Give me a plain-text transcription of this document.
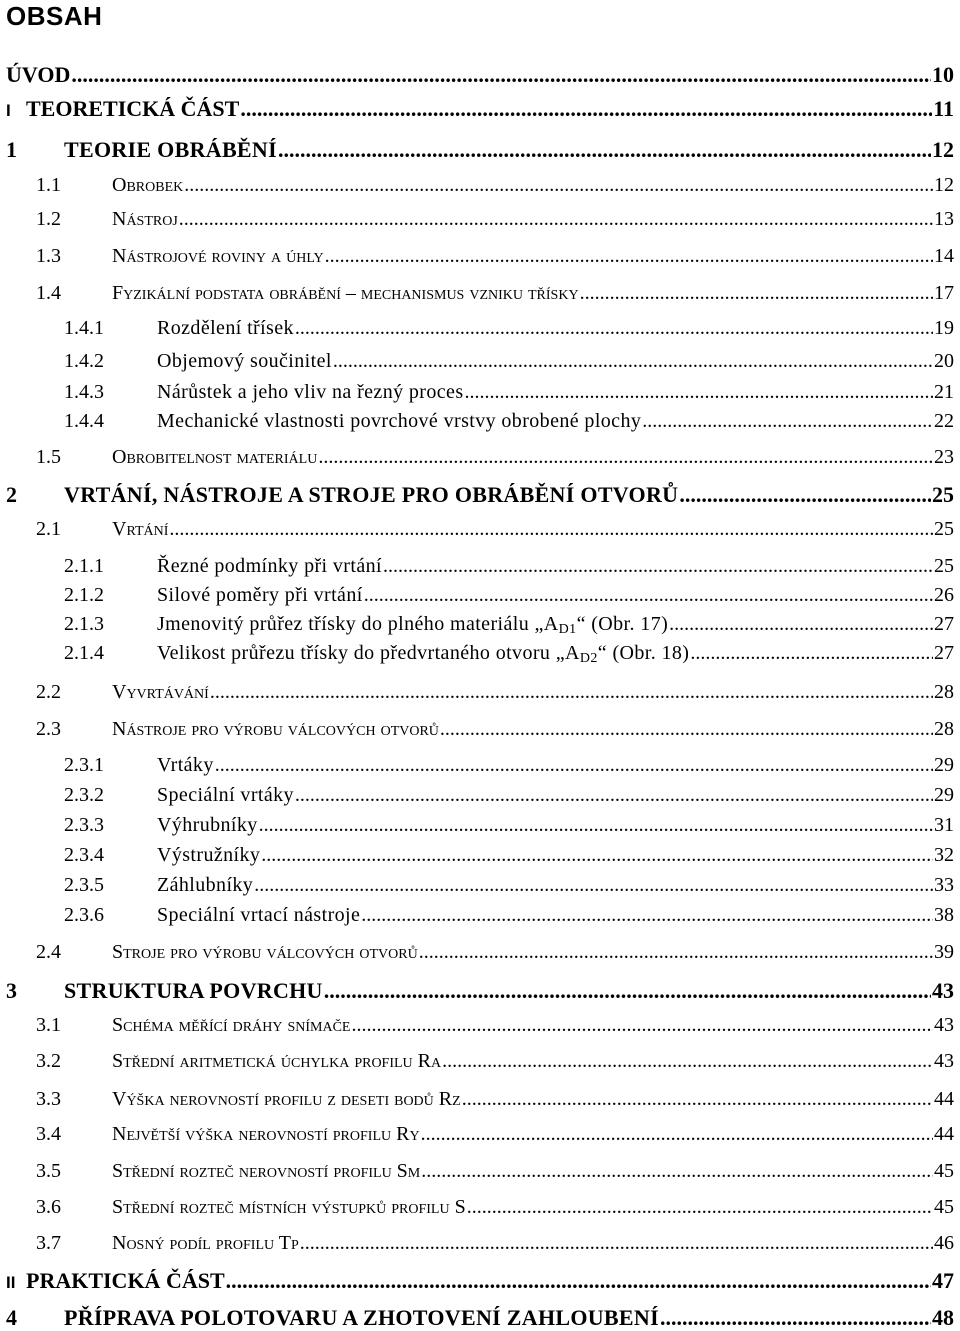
OBSAH
ÚVOD .....	10
I TEORETICKÁ ČÁST .....	11
1	TEORIE OBRÁBĚNÍ .....	12
1.1	Obrobek .....	12
1.2	Nástroj .....	13
1.3	Nástrojové roviny a úhly .....	14
1.4	Fyzikální podstata obrábění – mechanismus vzniku třísky .....	17
1.4.1	Rozdělení třísek .....	19
1.4.2	Objemový součinitel .....	20
1.4.3	Nárůstek a jeho vliv na řezný proces .....	21
1.4.4	Mechanické vlastnosti povrchové vrstvy obrobené plochy .....	22
1.5	Obrobitelnost materiálu .....	23
2	VRTÁNÍ, NÁSTROJE A STROJE PRO OBRÁBĚNÍ OTVORŮ .....	25
2.1	Vrtání .....	25
2.1.1	Řezné podmínky při vrtání .....	25
2.1.2	Silové poměry při vrtání .....	26
2.1.3	Jmenovitý průřez třísky do plného materiálu $„A_{D1}“$ (Obr. 17) .....	27
2.1.4	Velikost průřezu třísky do předvrtaného otvoru $„A_{D2}“$ (Obr. 18) .....	27
2.2	Vyvrtávání .....	28
2.3	Nástroje pro výrobu válcových otvorů .....	28
2.3.1	Vrtáky .....	29
2.3.2	Speciální vrtáky .....	29
2.3.3	Výhrubníky .....	31
2.3.4	Výstružníky .....	32
2.3.5	Záhlubníky .....	33
2.3.6	Speciální vrtací nástroje .....	38
2.4	Stroje pro výrobu válcových otvorů .....	39
3	STRUKTURA POVRCHU .....	43
3.1	Schéma měřící dráhy snímače .....	43
3.2	Střední aritmetická úchylka profilu Ra .....	43
3.3	Výška nerovností profilu z deseti bodů Rz .....	44
3.4	Největší výška nerovností profilu Ry .....	44
3.5	Střední rozteč nerovností profilu Sm .....	45
3.6	Střední rozteč místních výstupků profilu S .....	45
3.7	Nosný podíl profilu Tp .....	46
II PRAKTICKÁ ČÁST .....	47
4	PŘÍPRAVA POLOTOVARU A ZHOTOVENÍ ZAHLOUBENÍ .....	48
